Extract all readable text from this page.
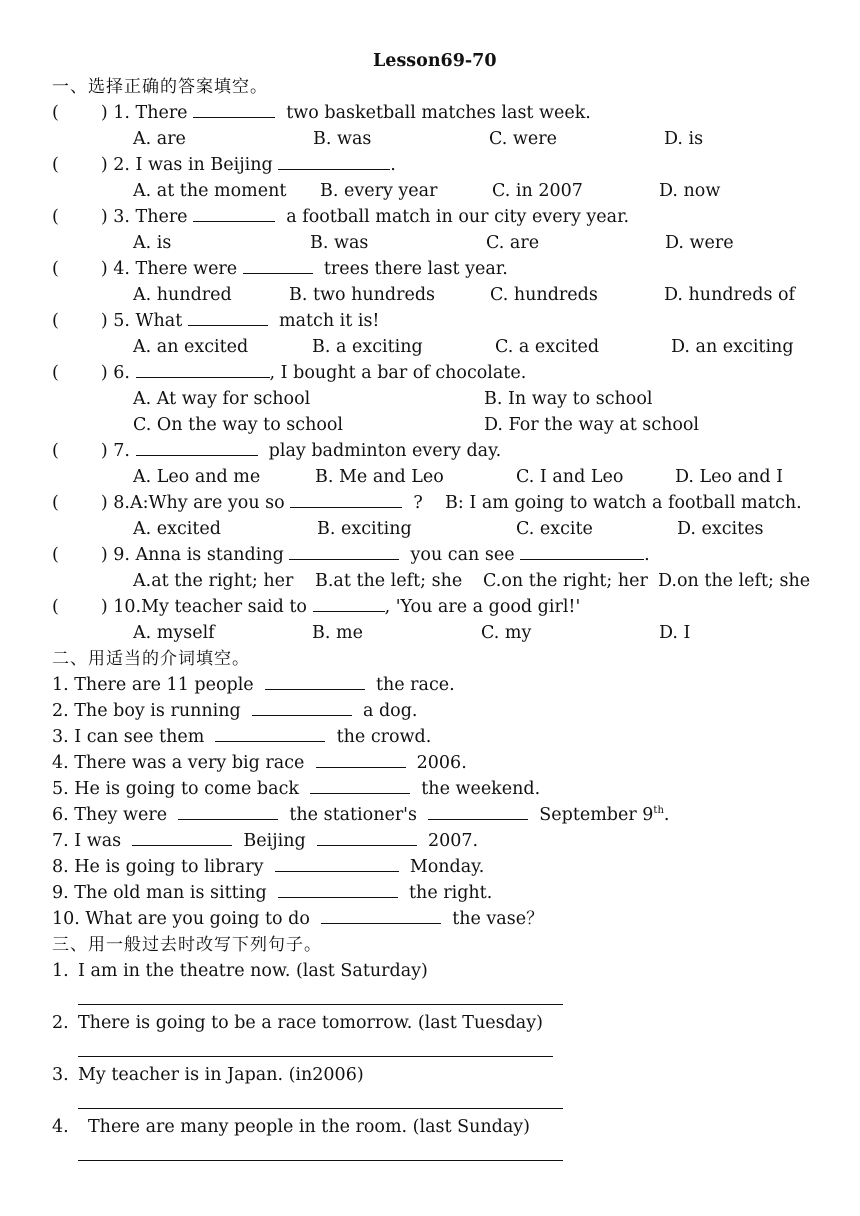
Lesson69-70
一、选择正确的答案填空。
( ) 1. There	two basketball matches last week.
A. are	B. was	C. were	D. is
( ) 2. I was in Beijing	.
A. at the moment B. every year	C. in 2007	D. now
( ) 3. There	a football match in our city every year.
A. is	B. was	C. are	D. were
( ) 4. There were	trees there last year.
A. hundred	B. two hundreds	C. hundreds	D. hundreds of
( ) 5. What	match it is!
A. an excited	B. a exciting	C. a excited	D. an exciting
( ) 6.	, I bought a bar of chocolate.
A. At way for school	B. In way to school
C. On the way to school	D. For the way at school
( ) 7.	play badminton every day.
A. Leo and me	B. Me and Leo	C. I and Leo	D. Leo and I
( ) 8.A:Why are you so	? B: I am going to watch a football match.
A. excited	B. exciting	C. excite	D. excites
( ) 9. Anna is standing	you can see	.
A.at the right; her B.at the left; she C.on the right; her D.on the left; she
( ) 10.My teacher said to	, 'You are a good girl!'
A. myself	B. me	C. my	D. I
二、用适当的介词填空。
1. There are 11 people	the race.
2. The boy is running	a dog.
3. I can see them	the crowd.
4. There was a very big race	2006.
5. He is going to come back	the weekend.
6. They were	the stationer's	September 9th.
7. I was	Beijing	2007.
8. He is going to library	Monday.
9. The old man is sitting	the right.
10. What are you going to do	the vase？
三、用一般过去时改写下列句子。
1. I am in the theatre now. (last Saturday)
2. There is going to be a race tomorrow. (last Tuesday)
3. My teacher is in Japan. (in2006)
4. There are many people in the room. (last Sunday)
